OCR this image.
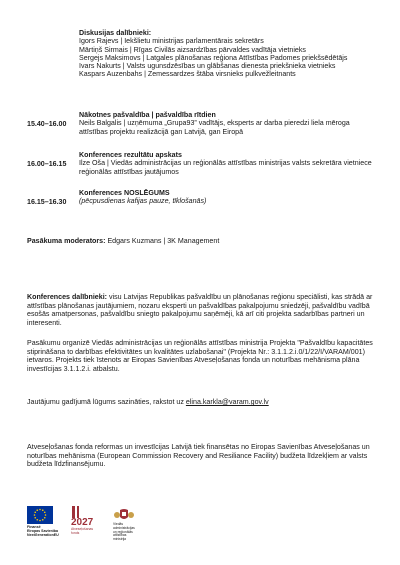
Diskusijas dalībnieki:
Igors Rajevs | Iekšlietu ministrijas parlamentārais sekretārs
Mārtiņš Sirmais | Rīgas Civilās aizsardzības pārvaldes vadītāja vietnieks
Sergejs Maksimovs | Latgales plānošanas reģiona Attīstības Padomes priekšsēdētājs
Ivars Nakurts | Valsts ugunsdzēsības un glābšanas dienesta priekšnieka vietnieks
Kaspars Auzenbahs | Zemessardzes štāba virsnieks pulkvežleitnants
15.40–16.00
Nākotnes pašvaldība | pašvaldība rītdien
Neils Balgalis | uzņēmuma „Grupa93” vadītājs, eksperts ar darba pieredzi liela mēroga attīstības projektu realizācijā gan Latvijā, gan Eiropā
16.00–16.15
Konferences rezultātu apskats
Ilze Oša | Viedās administrācijas un reģionālās attīstības ministrijas valsts sekretāra vietniece reģionālās attīstības jautājumos
16.15–16.30
Konferences NOSLĒGUMS
(pēcpusdienas kafijas pauze, tīklošanās)
Pasākuma moderators: Edgars Kuzmans | 3K Management
Konferences dalībnieki: visu Latvijas Republikas pašvaldību un plānošanas reģionu speciālisti, kas strādā ar attīstības plānošanas jautājumiem, nozaru eksperti un pašvaldības pakalpojumu sniedzēji, pašvaldību vadībā esošās amatpersonas, pašvaldību sniegto pakalpojumu saņēmēji, kā arī citi projekta sadarbības partneri un interesenti.
Pasākumu organizē Viedās administrācijas un reģionālās attīstības ministrija Projekta "Pašvaldību kapacitātes stiprināšana to darbības efektivitātes un kvalitātes uzlabošanai" (Projekta Nr.: 3.1.1.2.i.0/1/22/I/VARAM/001) ietvaros. Projekts tiek īstenots ar Eiropas Savienības Atveseļošanas fonda un noturības mehānisma plāna investīcijas 3.1.1.2.i. atbalstu.
Jautājumu gadījumā lūgums sazināties, rakstot uz elina.karkla@varam.gov.lv
Atveseļošanas fonda reformas un investīcijas Latvijā tiek finansētas no Eiropas Savienības Atveseļošanas un noturības mehānisma (European Commission Recovery and Resiliance Facility) budžeta līdzekļiem ar valsts budžeta līdzfinansējumu.
Finansē
Eiropas Savienība
NextGenerationEU
2027
Atveseļošanas
fonds
Viedās
administrācijas
un reģionālās
attīstības
ministrija
